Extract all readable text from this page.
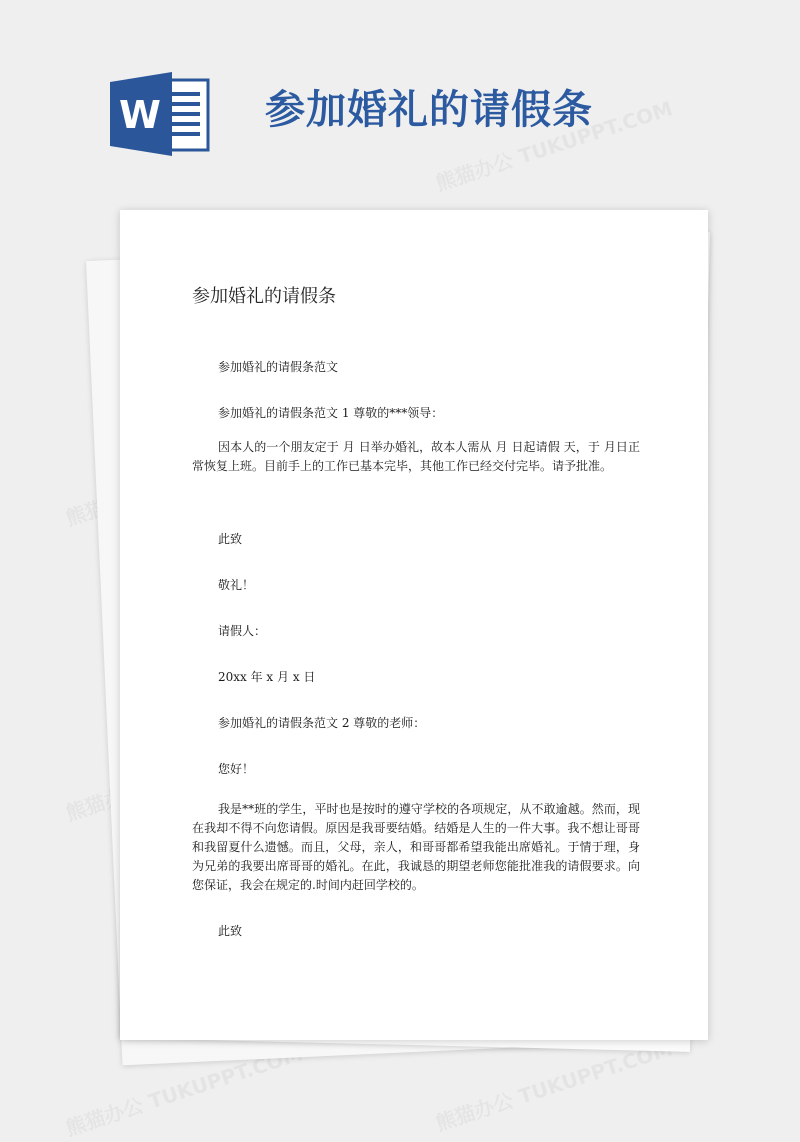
W	参加婚礼的请假条
参加婚礼的请假条
参加婚礼的请假条范文
参加婚礼的请假条范文 1 尊敬的***领导：
因本人的一个朋友定于 月 日举办婚礼，故本人需从 月 日起请假 天，于 月日正常恢复上班。目前手上的工作已基本完毕，其他工作已经交付完毕。请予批准。
此致
敬礼！
请假人：
20xx 年 x 月 x 日
参加婚礼的请假条范文 2 尊敬的老师：
您好！
我是**班的学生，平时也是按时的遵守学校的各项规定，从不敢逾越。然而，现在我却不得不向您请假。原因是我哥要结婚。结婚是人生的一件大事。我不想让哥哥和我留夏什么遗憾。而且，父母，亲人，和哥哥都希望我能出席婚礼。于情于理，身为兄弟的我要出席哥哥的婚礼。在此，我诚恳的期望老师您能批准我的请假要求。向您保证，我会在规定的.时间内赶回学校的。
此致
